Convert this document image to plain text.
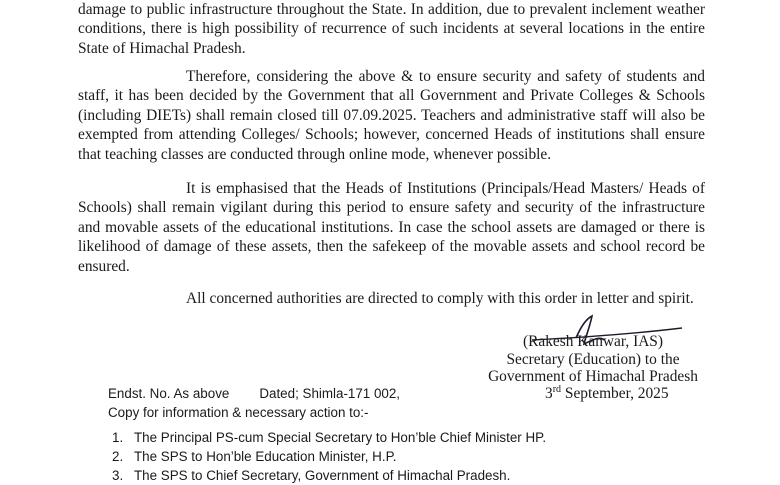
damage to public infrastructure throughout the State. In addition, due to prevalent inclement weather conditions, there is high possibility of recurrence of such incidents at several locations in the entire State of Himachal Pradesh.

Therefore, considering the above & to ensure security and safety of students and staff, it has been decided by the Government that all Government and Private Colleges & Schools (including DIETs) shall remain closed till 07.09.2025. Teachers and administrative staff will also be exempted from attending Colleges/ Schools; however, concerned Heads of institutions shall ensure that teaching classes are conducted through online mode, whenever possible.

It is emphasised that the Heads of Institutions (Principals/Head Masters/ Heads of Schools) shall remain vigilant during this period to ensure safety and security of the infrastructure and movable assets of the educational institutions. In case the school assets are damaged or there is likelihood of damage of these assets, then the safekeep of the movable assets and school record be ensured.

All concerned authorities are directed to comply with this order in letter and spirit.

(Rakesh Kanwar, IAS)
Secretary (Education) to the
Government of Himachal Pradesh
3rd September, 2025
Endst. No. As above Dated; Shimla-171 002,
Copy for information & necessary action to:-
1. The Principal PS-cum Special Secretary to Hon’ble Chief Minister HP.
2. The SPS to Hon’ble Education Minister, H.P.
3. The SPS to Chief Secretary, Government of Himachal Pradesh.
